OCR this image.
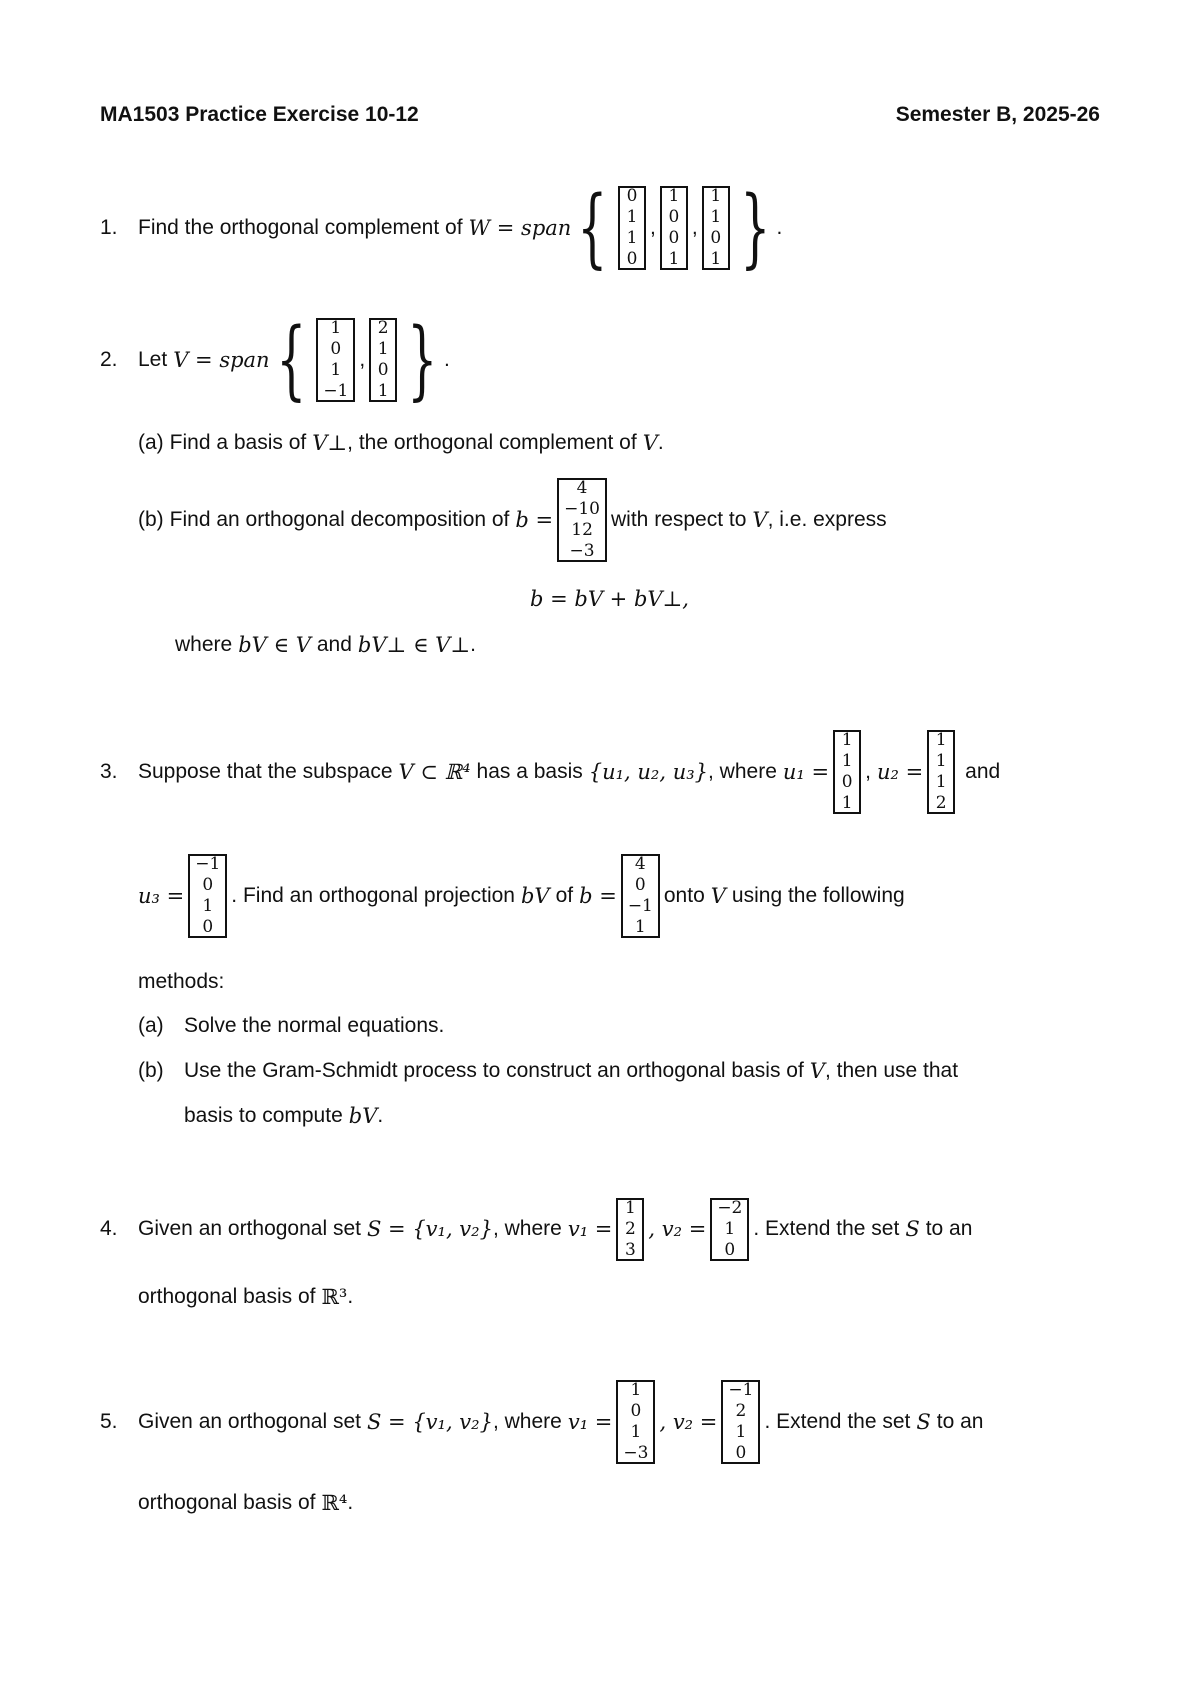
MA1503 Practice Exercise 10-12	Semester B, 2025-26
1. Find the orthogonal complement of W = span { 0
1
1
0
,
1
0
0
1
,
1
1
0
1 } .
2. Let V = span { 1
0
1
−1
,
2
1
0
1 } .
(a) Find a basis of V⊥ , the orthogonal complement of V .
(b) Find an orthogonal decomposition of b =
4
−10
12
−3
with respect to V , i.e. express
b = bV + bV⊥,
where bV ∈ V and bV⊥ ∈ V⊥ .
3. Suppose that the subspace V ⊂ ℝ⁴ has a basis {u₁, u₂, u₃} , where u₁ =
1
1
0
1
, u₂ =
1
1
1
2
and
u₃ =
−1
0
1
0
. Find an orthogonal projection bV of b =
4
0
−1
1
onto V using the following
methods:
(a) Solve the normal equations.
(b) Use the Gram-Schmidt process to construct an orthogonal basis of V , then use that
basis to compute bV .
4. Given an orthogonal set S = {v₁, v₂} , where v₁ =
1
2
3
, v₂ =
−2
1
0
. Extend the set S to an
orthogonal basis of ℝ³ .
5. Given an orthogonal set S = {v₁, v₂} , where v₁ =
1
0
1
−3
, v₂ =
−1
2
1
0
. Extend the set S to an
orthogonal basis of ℝ⁴ .
